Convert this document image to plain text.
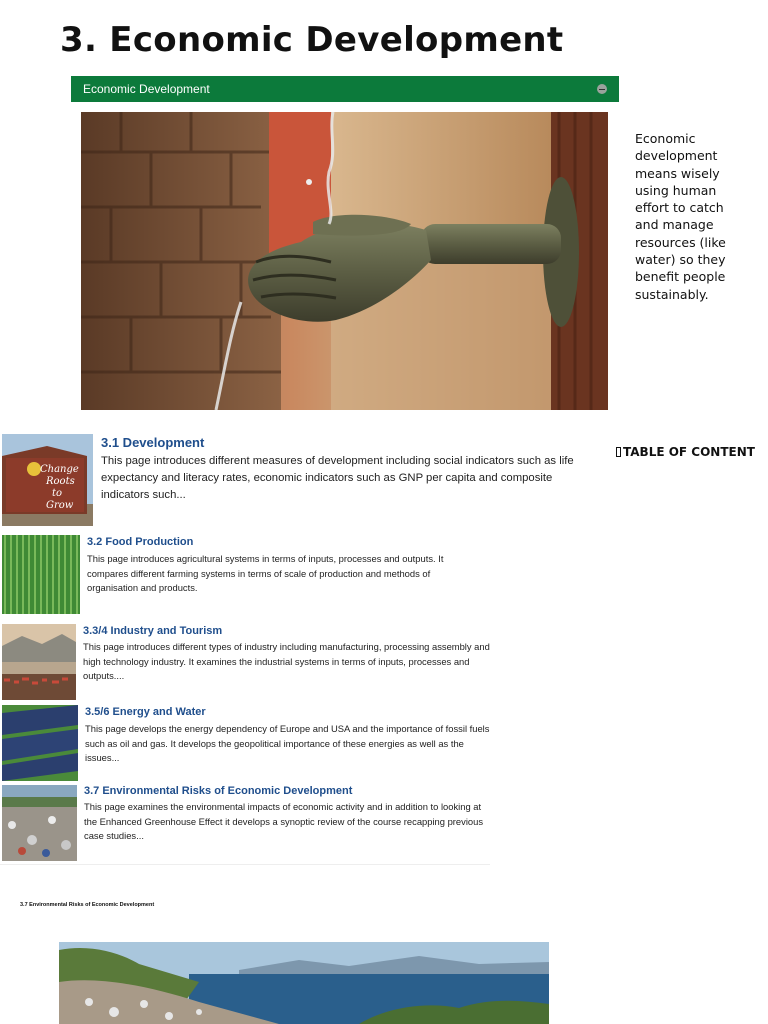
3. Economic Development
Economic Development

Economic development means wisely using human effort to catch and manage resources (like water) so they benefit people sustainably.

TABLE OF CONTENT
Change
Roots
to
Grow
3.1 Development

This page introduces different measures of development including social indicators such as life expectancy and literacy rates, economic indicators such as GNP per capita and composite indicators such...

3.2 Food Production

This page introduces agricultural systems in terms of inputs, processes and outputs. It compares different farming systems in terms of scale of production and methods of organisation and products.

3.3/4 Industry and Tourism

This page introduces different types of industry including manufacturing, processing assembly and high technology industry. It examines the industrial systems in terms of inputs, processes and outputs....

3.5/6 Energy and Water

This page develops the energy dependency of Europe and USA and the importance of fossil fuels such as oil and gas. It develops the geopolitical importance of these energies as well as the issues...

3.7 Environmental Risks of Economic Development

This page examines the environmental impacts of economic activity and in addition to looking at the Enhanced Greenhouse Effect it develops a synoptic review of the course recapping previous case studies...

3.7 Environmental Risks of Economic Development
